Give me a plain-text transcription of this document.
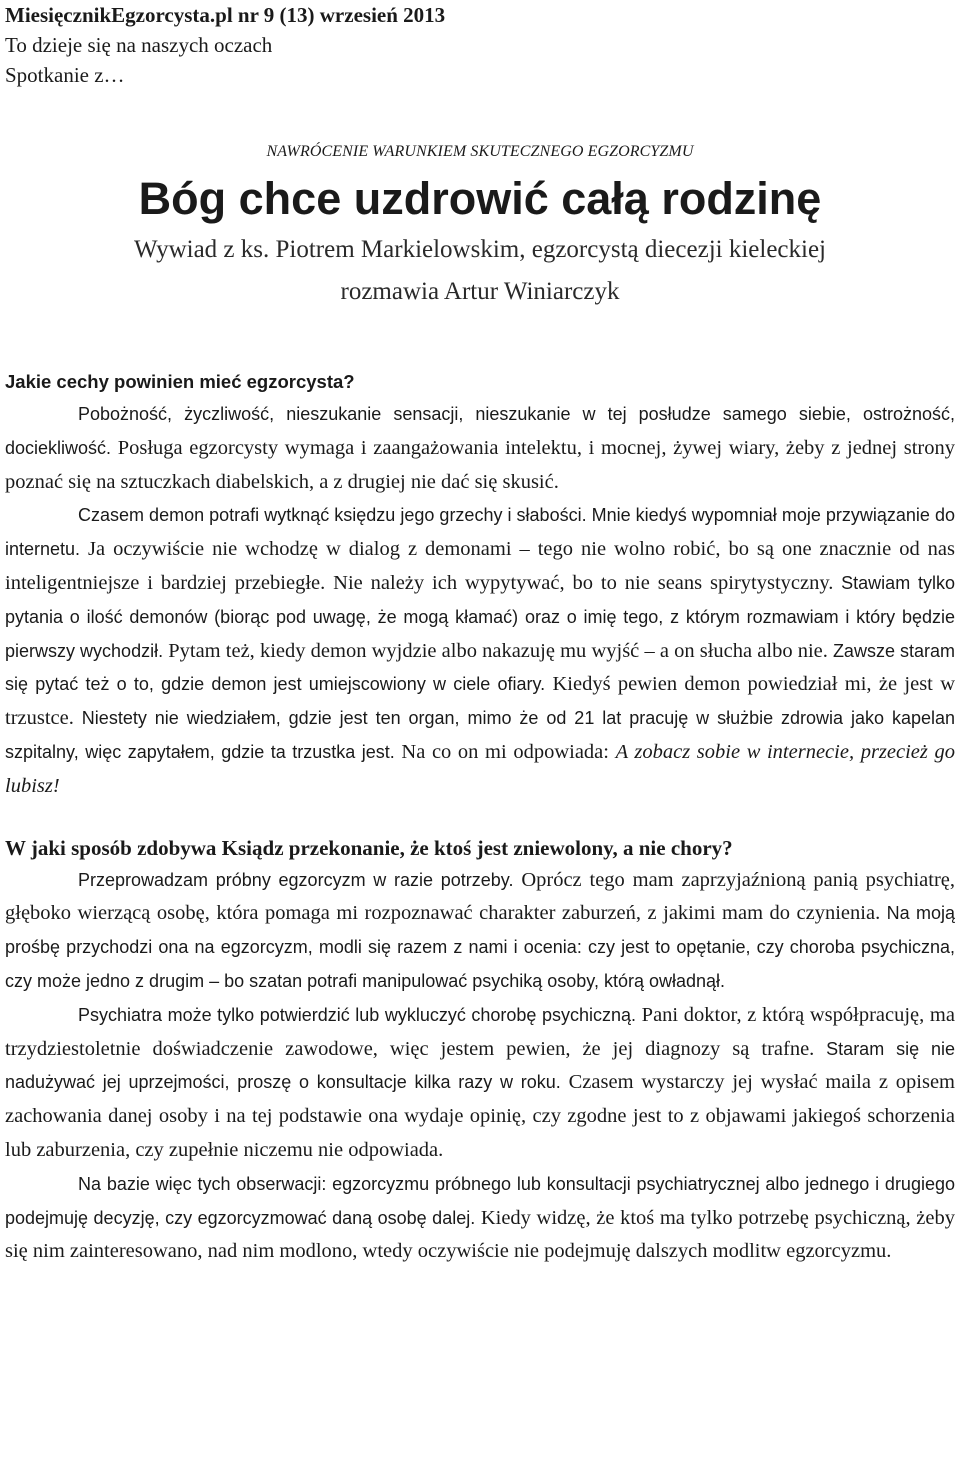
MiesięcznikEgzorcysta.pl nr 9 (13) wrzesień 2013

To dzieje się na naszych oczach

Spotkanie z…

NAWRÓCENIE WARUNKIEM SKUTECZNEGO EGZORCYZMU

Bóg chce uzdrowić całą rodzinę

Wywiad z ks. Piotrem Markielowskim, egzorcystą diecezji kieleckiej

rozmawia Artur Winiarczyk

Jakie cechy powinien mieć egzorcysta?

Pobożność, życzliwość, nieszukanie sensacji, nieszukanie w tej posłudze samego siebie, ostrożność, dociekliwość. Posługa egzorcysty wymaga i zaangażowania intelektu, i mocnej, żywej wiary, żeby z jednej strony poznać się na sztuczkach diabelskich, a z drugiej nie dać się skusić.

Czasem demon potrafi wytknąć księdzu jego grzechy i słabości. Mnie kiedyś wypomniał moje przywiązanie do internetu. Ja oczywiście nie wchodzę w dialog z demonami – tego nie wolno robić, bo są one znacznie od nas inteligentniejsze i bardziej przebiegłe. Nie należy ich wypytywać, bo to nie seans spirytystyczny. Stawiam tylko pytania o ilość demonów (biorąc pod uwagę, że mogą kłamać) oraz o imię tego, z którym rozmawiam i który będzie pierwszy wychodził. Pytam też, kiedy demon wyjdzie albo nakazuję mu wyjść – a on słucha albo nie. Zawsze staram się pytać też o to, gdzie demon jest umiejscowiony w ciele ofiary. Kiedyś pewien demon powiedział mi, że jest w trzustce. Niestety nie wiedziałem, gdzie jest ten organ, mimo że od 21 lat pracuję w służbie zdrowia jako kapelan szpitalny, więc zapytałem, gdzie ta trzustka jest. Na co on mi odpowiada: A zobacz sobie w internecie, przecież go lubisz!

W jaki sposób zdobywa Ksiądz przekonanie, że ktoś jest zniewolony, a nie chory?

Przeprowadzam próbny egzorcyzm w razie potrzeby. Oprócz tego mam zaprzyjaźnioną panią psychiatrę, głęboko wierzącą osobę, która pomaga mi rozpoznawać charakter zaburzeń, z jakimi mam do czynienia. Na moją prośbę przychodzi ona na egzorcyzm, modli się razem z nami i ocenia: czy jest to opętanie, czy choroba psychiczna, czy może jedno z drugim – bo szatan potrafi manipulować psychiką osoby, którą owładnął.

Psychiatra może tylko potwierdzić lub wykluczyć chorobę psychiczną. Pani doktor, z którą współpracuję, ma trzydziestoletnie doświadczenie zawodowe, więc jestem pewien, że jej diagnozy są trafne. Staram się nie nadużywać jej uprzejmości, proszę o konsultacje kilka razy w roku. Czasem wystarczy jej wysłać maila z opisem zachowania danej osoby i na tej podstawie ona wydaje opinię, czy zgodne jest to z objawami jakiegoś schorzenia lub zaburzenia, czy zupełnie niczemu nie odpowiada.

Na bazie więc tych obserwacji: egzorcyzmu próbnego lub konsultacji psychiatrycznej albo jednego i drugiego podejmuję decyzję, czy egzorcyzmować daną osobę dalej. Kiedy widzę, że ktoś ma tylko potrzebę psychiczną, żeby się nim zainteresowano, nad nim modlono, wtedy oczywiście nie podejmuję dalszych modlitw egzorcyzmu.
